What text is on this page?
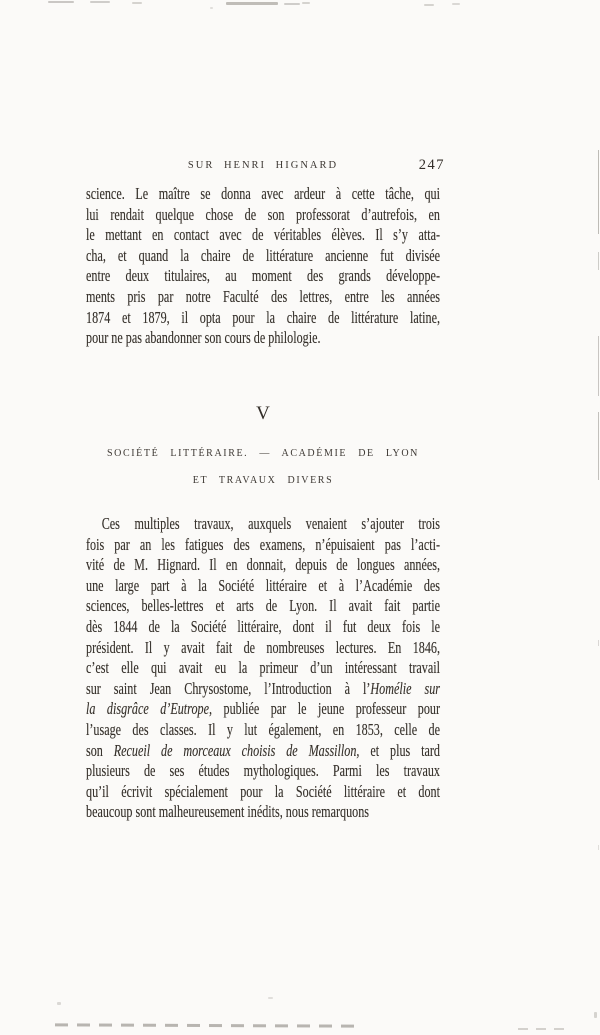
SUR HENRI HIGNARD	247
science. Le maître se donna avec ardeur à cette tâche, qui
lui rendait quelque chose de son professorat d’autrefois, en
le mettant en contact avec de véritables élèves. Il s’y atta-
cha, et quand la chaire de littérature ancienne fut divisée
entre deux titulaires, au moment des grands développe-
ments pris par notre Faculté des lettres, entre les années
1874 et 1879, il opta pour la chaire de littérature latine,
pour ne pas abandonner son cours de philologie.
V
SOCIÉTÉ LITTÉRAIRE. — ACADÉMIE DE LYON
ET TRAVAUX DIVERS
Ces multiples travaux, auxquels venaient s’ajouter trois
fois par an les fatigues des examens, n’épuisaient pas l’acti-
vité de M. Hignard. Il en donnait, depuis de longues années,
une large part à la Société littéraire et à l’Académie des
sciences, belles-lettres et arts de Lyon. Il avait fait partie
dès 1844 de la Société littéraire, dont il fut deux fois le
président. Il y avait fait de nombreuses lectures. En 1846,
c’est elle qui avait eu la primeur d’un intéressant travail
sur saint Jean Chrysostome, l’Introduction à l’Homélie sur
la disgrâce d’Eutrope, publiée par le jeune professeur pour
l’usage des classes. Il y lut également, en 1853, celle de
son Recueil de morceaux choisis de Massillon, et plus tard
plusieurs de ses études mythologiques. Parmi les travaux
qu’il écrivit spécialement pour la Société littéraire et dont
beaucoup sont malheureusement inédits, nous remarquons
